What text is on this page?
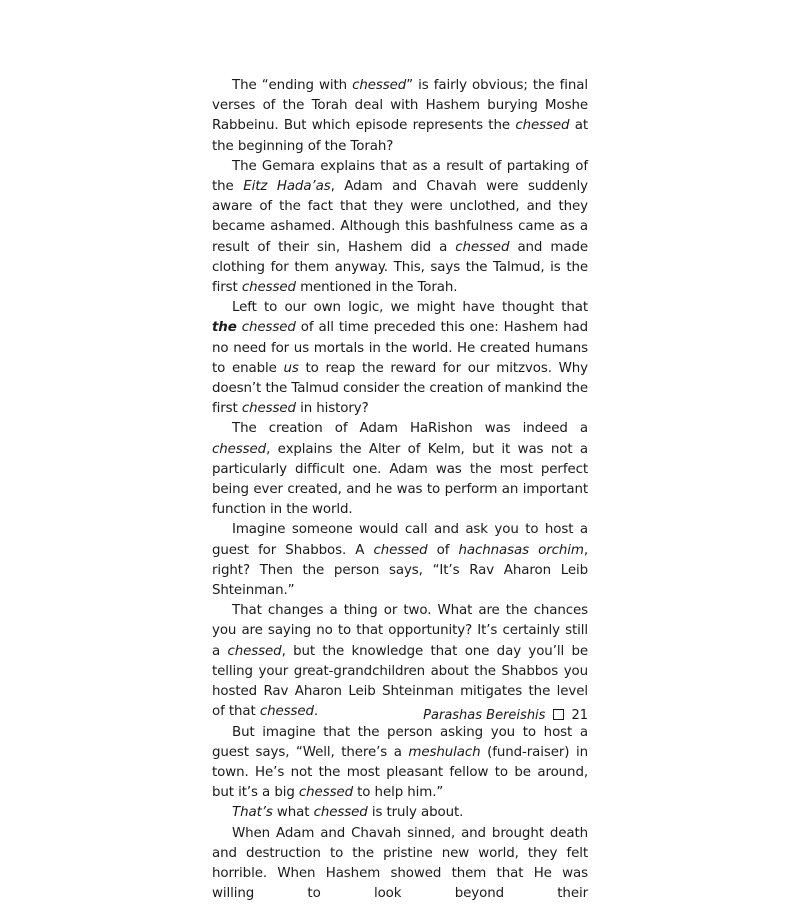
The “ending with chessed” is fairly obvious; the final verses of the Torah deal with Hashem burying Moshe Rabbeinu. But which episode represents the chessed at the beginning of the Torah?

The Gemara explains that as a result of partaking of the Eitz Hada’as, Adam and Chavah were suddenly aware of the fact that they were unclothed, and they became ashamed. Although this bashfulness came as a result of their sin, Hashem did a chessed and made clothing for them anyway. This, says the Talmud, is the first chessed mentioned in the Torah.

Left to our own logic, we might have thought that the chessed of all time preceded this one: Hashem had no need for us mortals in the world. He created humans to enable us to reap the reward for our mitzvos. Why doesn’t the Talmud consider the creation of mankind the first chessed in history?

The creation of Adam HaRishon was indeed a chessed, explains the Alter of Kelm, but it was not a particularly difficult one. Adam was the most perfect being ever created, and he was to perform an important function in the world.

Imagine someone would call and ask you to host a guest for Shabbos. A chessed of hachnasas orchim, right? Then the person says, “It’s Rav Aharon Leib Shteinman.”

That changes a thing or two. What are the chances you are saying no to that opportunity? It’s certainly still a chessed, but the knowledge that one day you’ll be telling your great-grandchildren about the Shabbos you hosted Rav Aharon Leib Shteinman mitigates the level of that chessed.

But imagine that the person asking you to host a guest says, “Well, there’s a meshulach (fund-raiser) in town. He’s not the most pleasant fellow to be around, but it’s a big chessed to help him.”

That’s what chessed is truly about.

When Adam and Chavah sinned, and brought death and destruction to the pristine new world, they felt horrible. When Hashem showed them that He was willing to look beyond their

Parashas Bereishis 21
